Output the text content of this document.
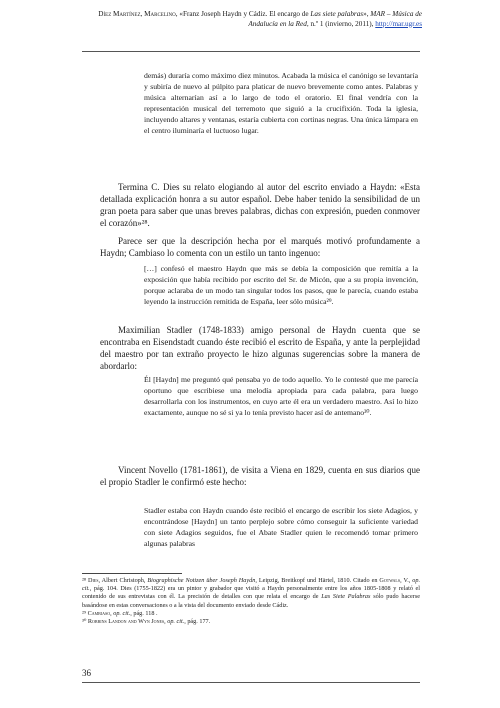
Díez Martínez, Marcelino, «Franz Joseph Haydn y Cádiz. El encargo de Las siete palabras», MAR – Música de Andalucía en la Red, n.º 1 (invierno, 2011), http://mar.ugr.es

demás) duraría como máximo diez minutos. Acabada la música el canónigo se levantaría y subiría de nuevo al púlpito para platicar de nuevo brevemente como antes. Palabras y música alternarían así a lo largo de todo el oratorio. El final vendría con la representación musical del terremoto que siguió a la crucifixión. Toda la iglesia, incluyendo altares y ventanas, estaría cubierta con cortinas negras. Una única lámpara en el centro iluminaría el luctuoso lugar.

Termina C. Dies su relato elogiando al autor del escrito enviado a Haydn: «Esta detallada explicación honra a su autor español. Debe haber tenido la sensibilidad de un gran poeta para saber que unas breves palabras, dichas con expresión, pueden conmover el corazón»²⁸.

Parece ser que la descripción hecha por el marqués motivó profundamente a Haydn; Cambiaso lo comenta con un estilo un tanto ingenuo:

[…] confesó el maestro Haydn que más se debía la composición que remitía a la exposición que había recibido por escrito del Sr. de Micón, que a su propia invención, porque aclaraba de un modo tan singular todos los pasos, que le parecía, cuando estaba leyendo la instrucción remitida de España, leer sólo música²⁹.

Maximilian Stadler (1748-1833) amigo personal de Haydn cuenta que se encontraba en Eisendstadt cuando éste recibió el escrito de España, y ante la perplejidad del maestro por tan extraño proyecto le hizo algunas sugerencias sobre la manera de abordarlo:

Él [Haydn] me preguntó qué pensaba yo de todo aquello. Yo le contesté que me parecía oportuno que escribiese una melodía apropiada para cada palabra, para luego desarrollarla con los instrumentos, en cuyo arte él era un verdadero maestro. Así lo hizo exactamente, aunque no sé si ya lo tenía previsto hacer así de antemano³⁰.

Vincent Novello (1781-1861), de visita a Viena en 1829, cuenta en sus diarios que el propio Stadler le confirmó este hecho:

Stadler estaba con Haydn cuando éste recibió el encargo de escribir los siete Adagios, y encontrándose [Haydn] un tanto perplejo sobre cómo conseguir la suficiente variedad con siete Adagios seguidos, fue el Abate Stadler quien le recomendó tomar primero algunas palabras

²⁸ Dies, Albert Christoph, Biographische Notizen über Joseph Haydn, Leipzig, Breitkopf und Härtel, 1810. Citado en Gotwals, V., op. cit., pág. 104. Dies (1755-1822) era un pintor y grabador que visitó a Haydn personalmente entre los años 1805-1808 y relató el contenido de sus entrevistas con él. La precisión de detalles con que relata el encargo de Las Siete Palabras sólo pudo hacerse basándose en estas conversaciones o a la vista del documento enviado desde Cádiz.

²⁹ Cambiaso, op. cit., pág. 118 .

³⁰ Robbins Landon and Wyn Jones, op. cit., pág. 177.

36
